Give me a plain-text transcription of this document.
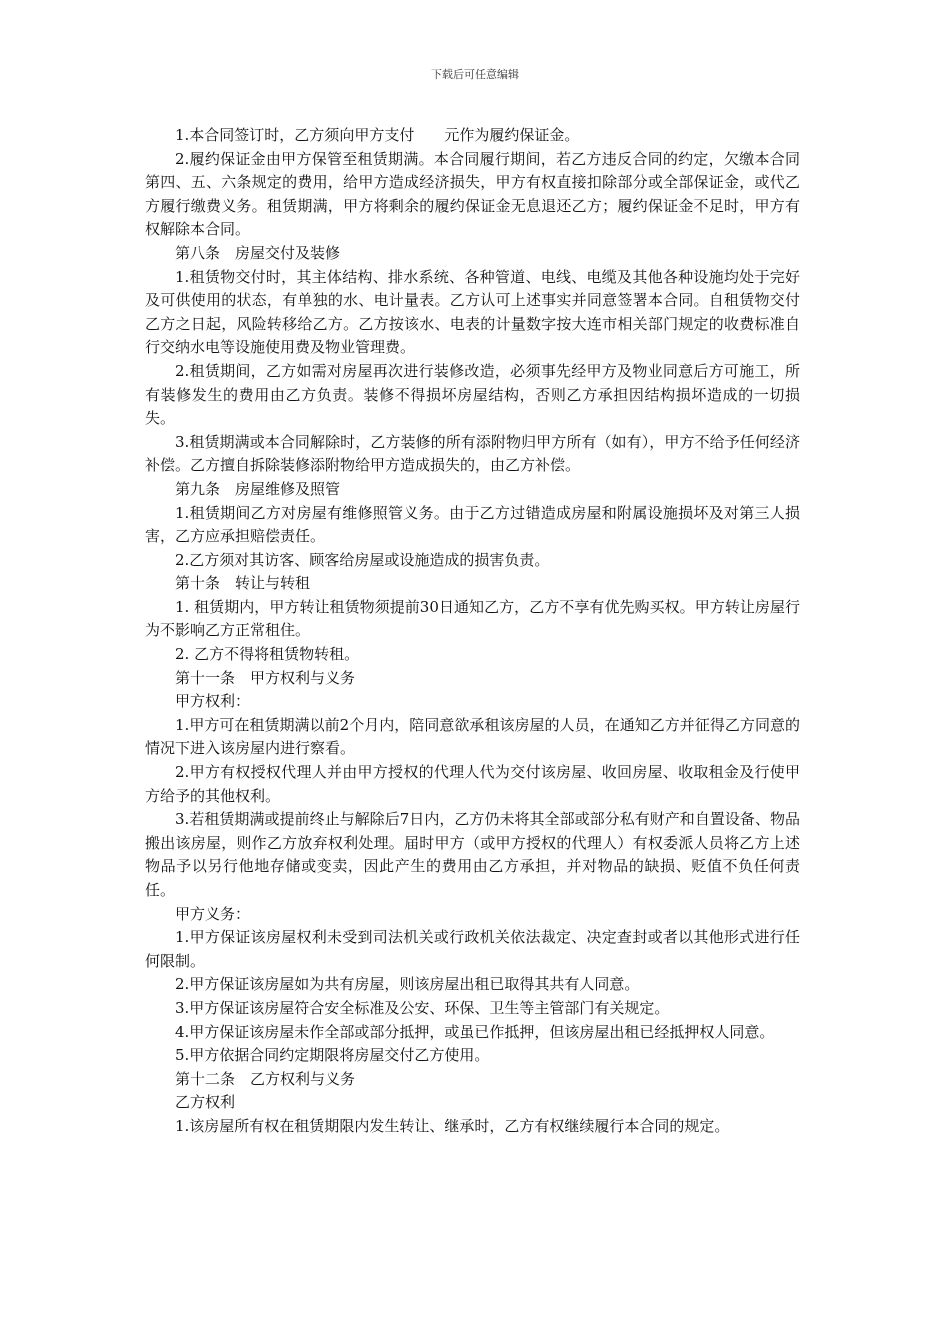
下载后可任意编辑

1.本合同签订时，乙方须向甲方支付　　元作为履约保证金。

2.履约保证金由甲方保管至租赁期满。本合同履行期间，若乙方违反合同的约定，欠缴本合同第四、五、六条规定的费用，给甲方造成经济损失，甲方有权直接扣除部分或全部保证金，或代乙方履行缴费义务。租赁期满，甲方将剩余的履约保证金无息退还乙方；履约保证金不足时，甲方有权解除本合同。

第八条　房屋交付及装修

1.租赁物交付时，其主体结构、排水系统、各种管道、电线、电缆及其他各种设施均处于完好及可供使用的状态，有单独的水、电计量表。乙方认可上述事实并同意签署本合同。自租赁物交付乙方之日起，风险转移给乙方。乙方按该水、电表的计量数字按大连市相关部门规定的收费标准自行交纳水电等设施使用费及物业管理费。

2.租赁期间，乙方如需对房屋再次进行装修改造，必须事先经甲方及物业同意后方可施工，所有装修发生的费用由乙方负责。装修不得损坏房屋结构，否则乙方承担因结构损坏造成的一切损失。

3.租赁期满或本合同解除时，乙方装修的所有添附物归甲方所有（如有），甲方不给予任何经济补偿。乙方擅自拆除装修添附物给甲方造成损失的，由乙方补偿。

第九条　房屋维修及照管

1.租赁期间乙方对房屋有维修照管义务。由于乙方过错造成房屋和附属设施损坏及对第三人损害，乙方应承担赔偿责任。

2.乙方须对其访客、顾客给房屋或设施造成的损害负责。

第十条　转让与转租

1. 租赁期内，甲方转让租赁物须提前30日通知乙方，乙方不享有优先购买权。甲方转让房屋行为不影响乙方正常租住。

2. 乙方不得将租赁物转租。

第十一条　甲方权利与义务

甲方权利：

1.甲方可在租赁期满以前2个月内，陪同意欲承租该房屋的人员，在通知乙方并征得乙方同意的情况下进入该房屋内进行察看。

2.甲方有权授权代理人并由甲方授权的代理人代为交付该房屋、收回房屋、收取租金及行使甲方给予的其他权利。

3.若租赁期满或提前终止与解除后7日内，乙方仍未将其全部或部分私有财产和自置设备、物品搬出该房屋，则作乙方放弃权利处理。届时甲方（或甲方授权的代理人）有权委派人员将乙方上述物品予以另行他地存储或变卖，因此产生的费用由乙方承担，并对物品的缺损、贬值不负任何责任。

甲方义务：

1.甲方保证该房屋权利未受到司法机关或行政机关依法裁定、决定查封或者以其他形式进行任何限制。

2.甲方保证该房屋如为共有房屋，则该房屋出租已取得其共有人同意。

3.甲方保证该房屋符合安全标准及公安、环保、卫生等主管部门有关规定。

4.甲方保证该房屋未作全部或部分抵押，或虽已作抵押，但该房屋出租已经抵押权人同意。

5.甲方依据合同约定期限将房屋交付乙方使用。

第十二条　乙方权利与义务

乙方权利

1.该房屋所有权在租赁期限内发生转让、继承时，乙方有权继续履行本合同的规定。
